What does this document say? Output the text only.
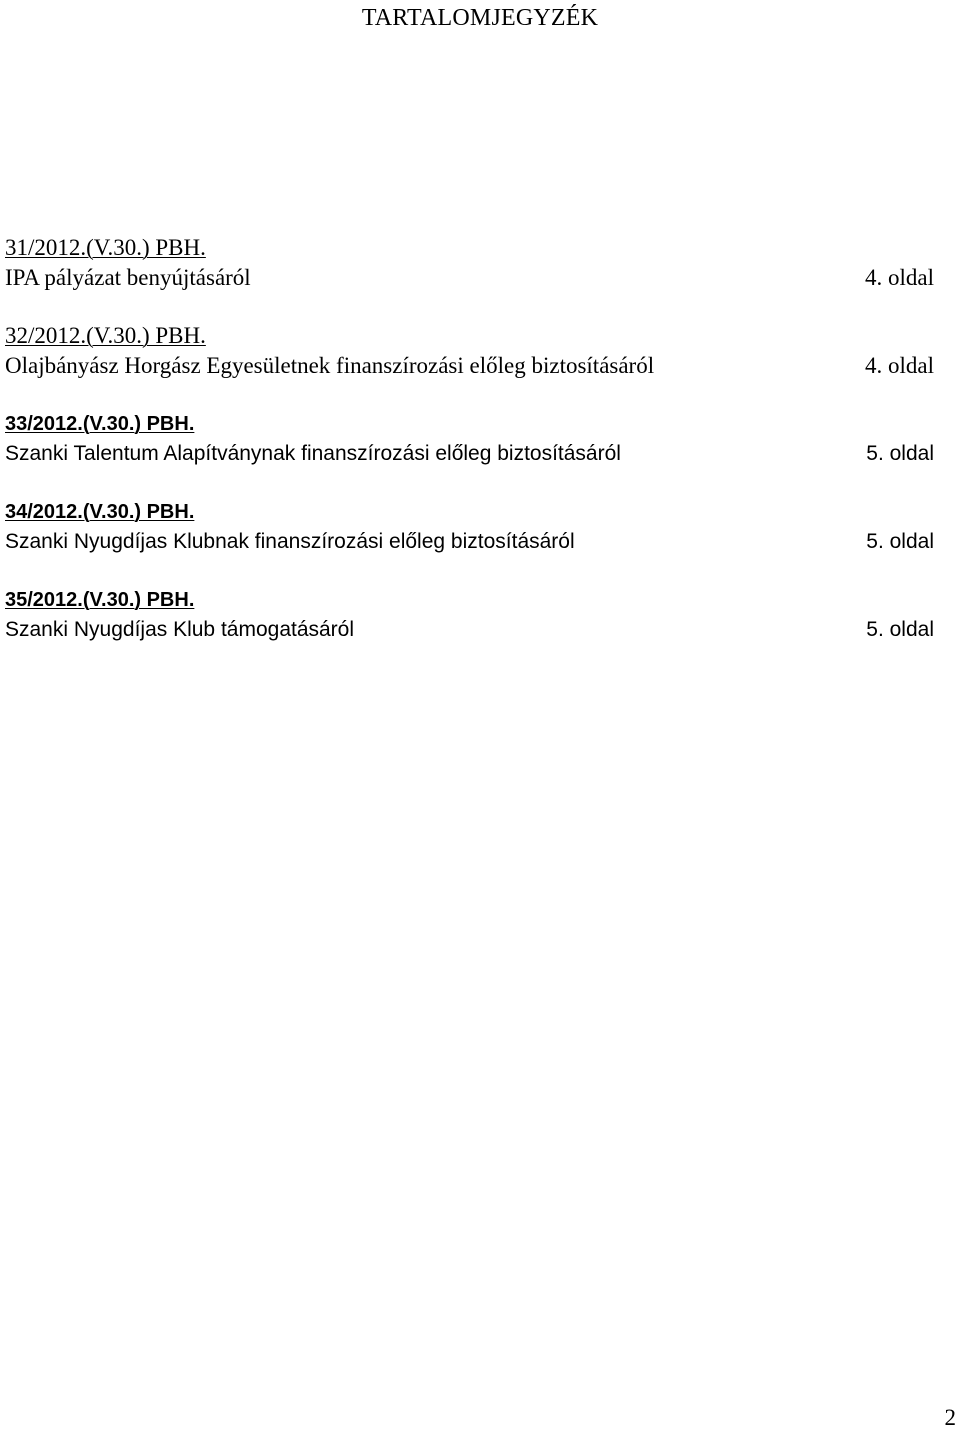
TARTALOMJEGYZÉK
31/2012.(V.30.) PBH.
IPA pályázat benyújtásáról	4. oldal
32/2012.(V.30.) PBH.
Olajbányász Horgász Egyesületnek finanszírozási előleg biztosításáról	4. oldal
33/2012.(V.30.) PBH.
Szanki Talentum Alapítványnak finanszírozási előleg biztosításáról	5. oldal
34/2012.(V.30.) PBH.
Szanki Nyugdíjas Klubnak finanszírozási előleg biztosításáról	5. oldal
35/2012.(V.30.) PBH.
Szanki Nyugdíjas Klub támogatásáról	5. oldal
2
